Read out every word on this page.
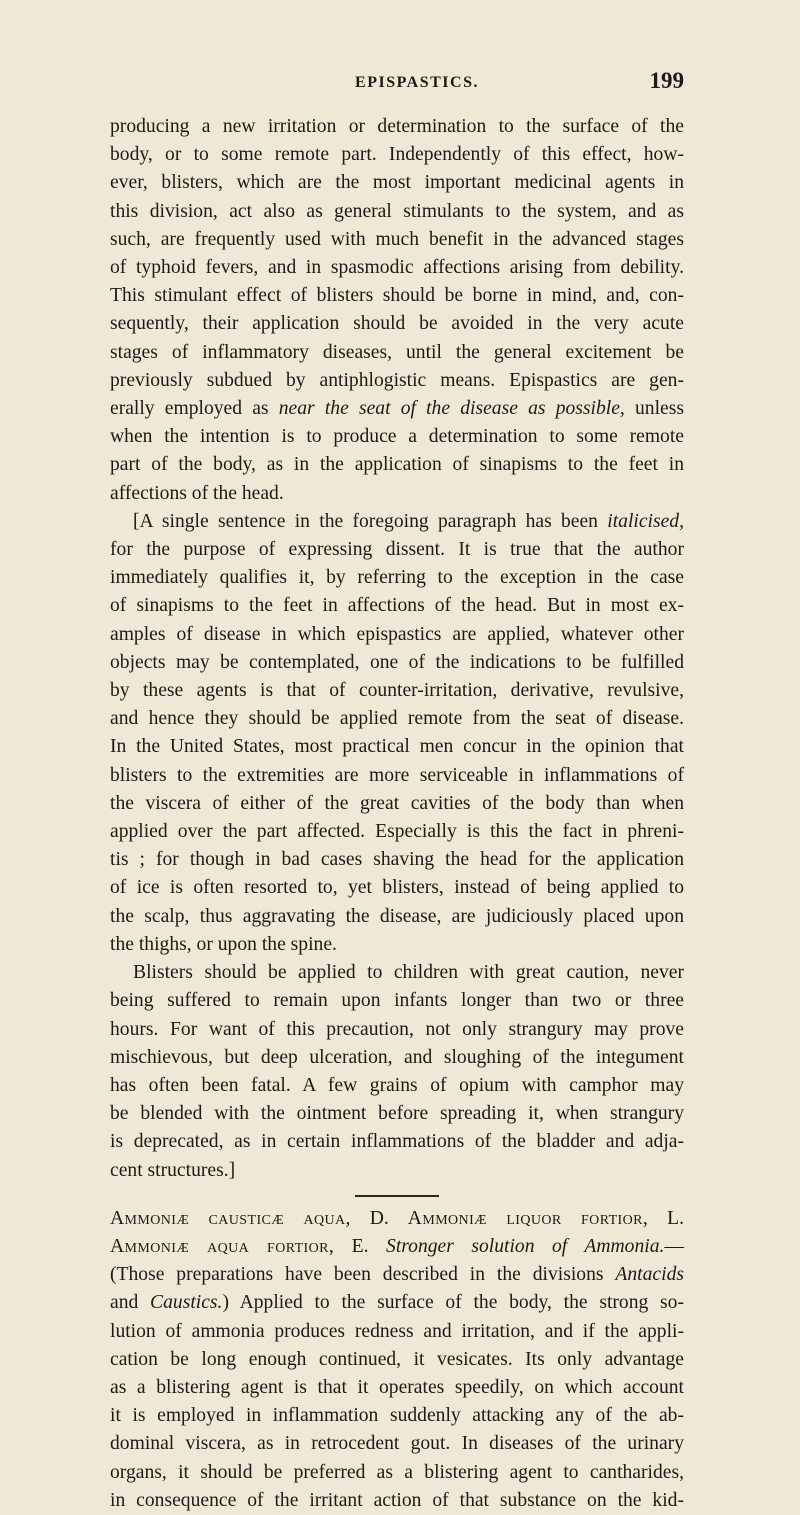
EPISPASTICS.	199

producing a new irritation or determination to the surface of the
body, or to some remote part. Independently of this effect, how-
ever, blisters, which are the most important medicinal agents in
this division, act also as general stimulants to the system, and as
such, are frequently used with much benefit in the advanced stages
of typhoid fevers, and in spasmodic affections arising from debility.
This stimulant effect of blisters should be borne in mind, and, con-
sequently, their application should be avoided in the very acute
stages of inflammatory diseases, until the general excitement be
previously subdued by antiphlogistic means. Epispastics are gen-
erally employed as near the seat of the disease as possible, unless
when the intention is to produce a determination to some remote
part of the body, as in the application of sinapisms to the feet in
affections of the head.

[A single sentence in the foregoing paragraph has been italicised,
for the purpose of expressing dissent. It is true that the author
immediately qualifies it, by referring to the exception in the case
of sinapisms to the feet in affections of the head. But in most ex-
amples of disease in which epispastics are applied, whatever other
objects may be contemplated, one of the indications to be fulfilled
by these agents is that of counter-irritation, derivative, revulsive,
and hence they should be applied remote from the seat of disease.
In the United States, most practical men concur in the opinion that
blisters to the extremities are more serviceable in inflammations of
the viscera of either of the great cavities of the body than when
applied over the part affected. Especially is this the fact in phreni-
tis ; for though in bad cases shaving the head for the application
of ice is often resorted to, yet blisters, instead of being applied to
the scalp, thus aggravating the disease, are judiciously placed upon
the thighs, or upon the spine.

Blisters should be applied to children with great caution, never
being suffered to remain upon infants longer than two or three
hours. For want of this precaution, not only strangury may prove
mischievous, but deep ulceration, and sloughing of the integument
has often been fatal. A few grains of opium with camphor may
be blended with the ointment before spreading it, when strangury
is deprecated, as in certain inflammations of the bladder and adja-
cent structures.]

Ammoniæ causticæ aqua, D. Ammoniæ liquor fortior, L.
Ammoniæ aqua fortior, E. Stronger solution of Ammonia.—
(Those preparations have been described in the divisions Antacids
and Caustics.) Applied to the surface of the body, the strong so-
lution of ammonia produces redness and irritation, and if the appli-
cation be long enough continued, it vesicates. Its only advantage
as a blistering agent is that it operates speedily, on which account
it is employed in inflammation suddenly attacking any of the ab-
dominal viscera, as in retrocedent gout. In diseases of the urinary
organs, it should be preferred as a blistering agent to cantharides,
in consequence of the irritant action of that substance on the kid-
